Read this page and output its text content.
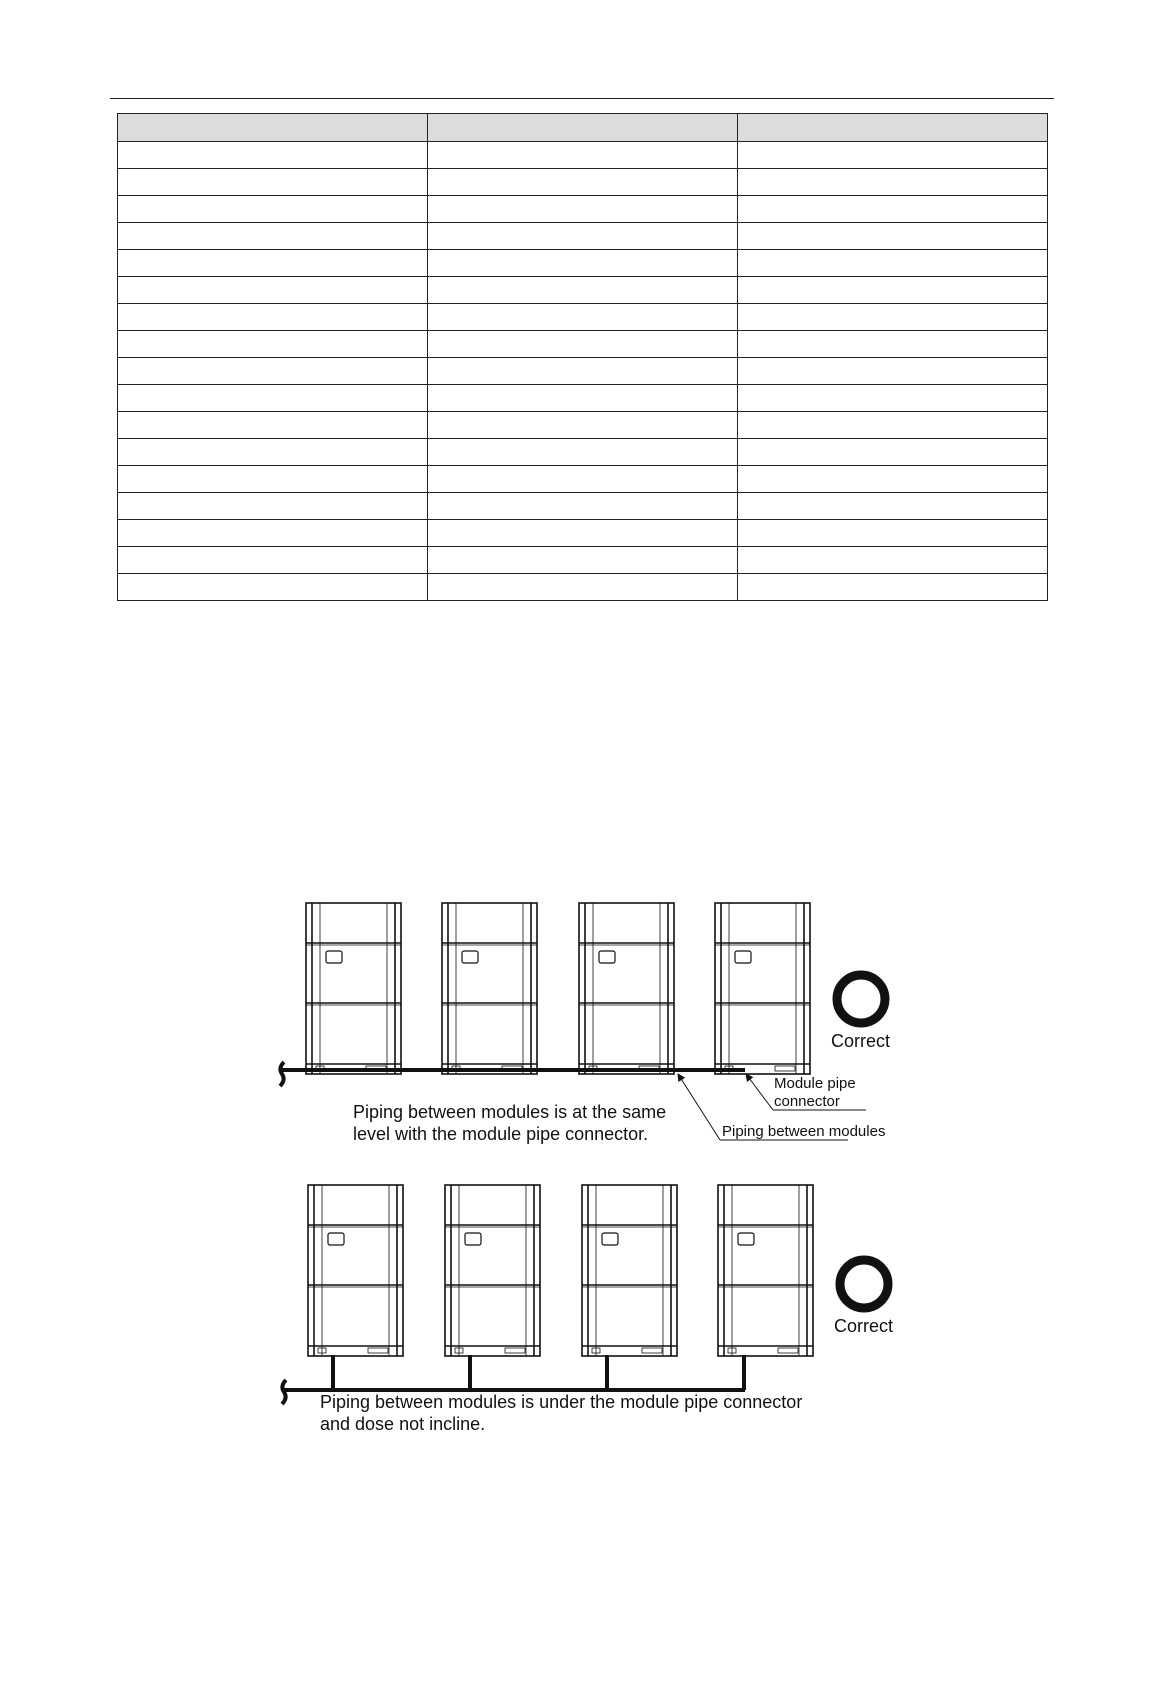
Correct
Module pipe
connector
Piping between modules
Piping between modules is at the same
level with the module pipe connector.
Correct
Piping between modules is under the module pipe connector
and dose not incline.
